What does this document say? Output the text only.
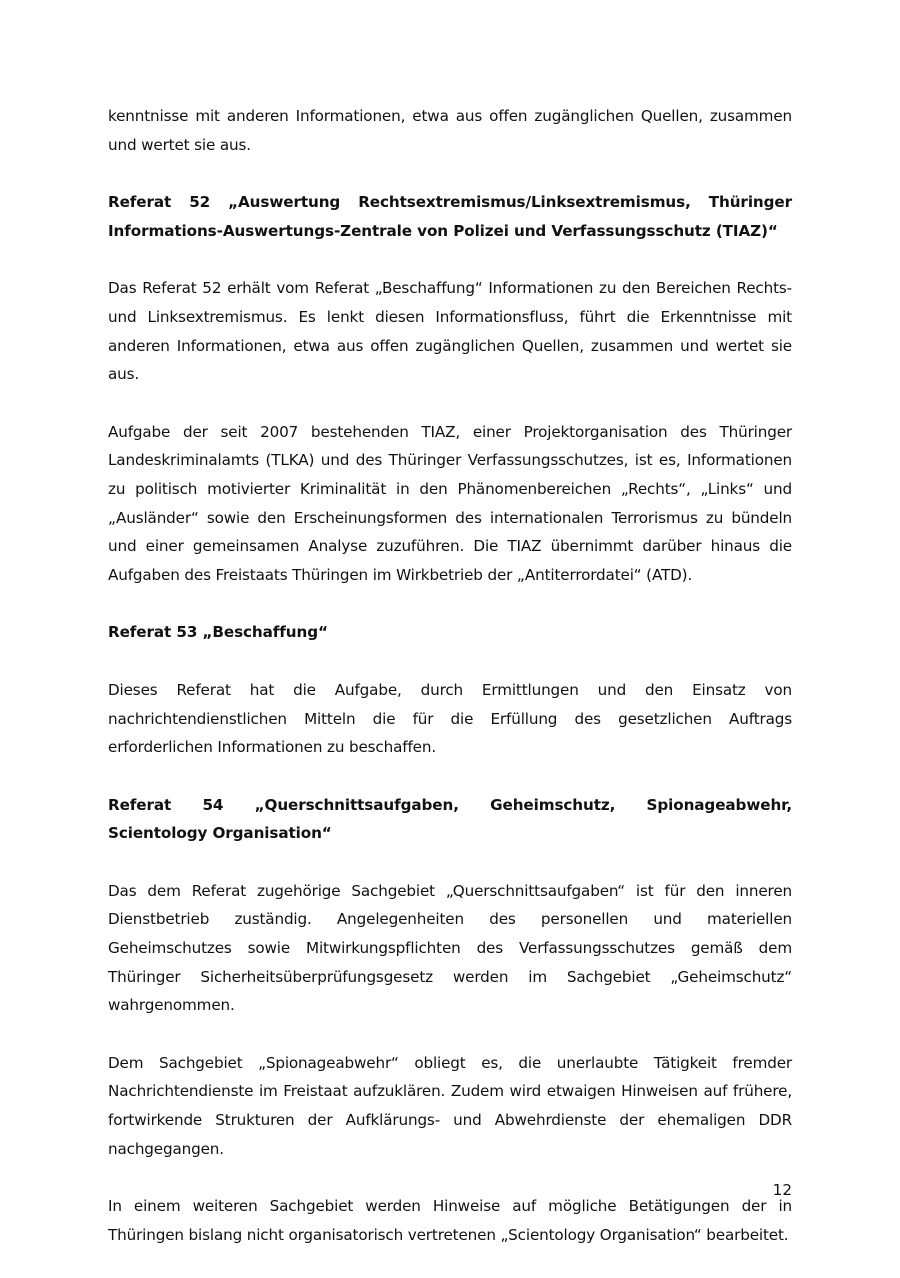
kenntnisse mit anderen Informationen, etwa aus offen zugänglichen Quellen, zusammen und wertet sie aus.

Referat 52 „Auswertung Rechtsextremismus/Linksextremismus, Thüringer Informations-Auswertungs-Zentrale von Polizei und Verfassungsschutz (TIAZ)“

Das Referat 52 erhält vom Referat „Beschaffung“ Informationen zu den Bereichen Rechts- und Linksextremismus. Es lenkt diesen Informationsfluss, führt die Erkenntnisse mit anderen Informationen, etwa aus offen zugänglichen Quellen, zusammen und wertet sie aus.

Aufgabe der seit 2007 bestehenden TIAZ, einer Projektorganisation des Thüringer Landeskriminalamts (TLKA) und des Thüringer Verfassungsschutzes, ist es, Informationen zu politisch motivierter Kriminalität in den Phänomenbereichen „Rechts“, „Links“ und „Ausländer“ sowie den Erscheinungsformen des internationalen Terrorismus zu bündeln und einer gemeinsamen Analyse zuzuführen. Die TIAZ übernimmt darüber hinaus die Aufgaben des Freistaats Thüringen im Wirkbetrieb der „Antiterrordatei“ (ATD).

Referat 53 „Beschaffung“

Dieses Referat hat die Aufgabe, durch Ermittlungen und den Einsatz von nachrichtendienstlichen Mitteln die für die Erfüllung des gesetzlichen Auftrags erforderlichen Informationen zu beschaffen.

Referat 54 „Querschnittsaufgaben, Geheimschutz, Spionageabwehr, Scientology Organisation“

Das dem Referat zugehörige Sachgebiet „Querschnittsaufgaben“ ist für den inneren Dienstbetrieb zuständig. Angelegenheiten des personellen und materiellen Geheimschutzes sowie Mitwirkungspflichten des Verfassungsschutzes gemäß dem Thüringer Sicherheitsüberprüfungsgesetz werden im Sachgebiet „Geheimschutz“ wahrgenommen.

Dem Sachgebiet „Spionageabwehr“ obliegt es, die unerlaubte Tätigkeit fremder Nachrichtendienste im Freistaat aufzuklären. Zudem wird etwaigen Hinweisen auf frühere, fortwirkende Strukturen der Aufklärungs- und Abwehrdienste der ehemaligen DDR nachgegangen.

In einem weiteren Sachgebiet werden Hinweise auf mögliche Betätigungen der in Thüringen bislang nicht organisatorisch vertretenen „Scientology Organisation“ bearbeitet.

12
